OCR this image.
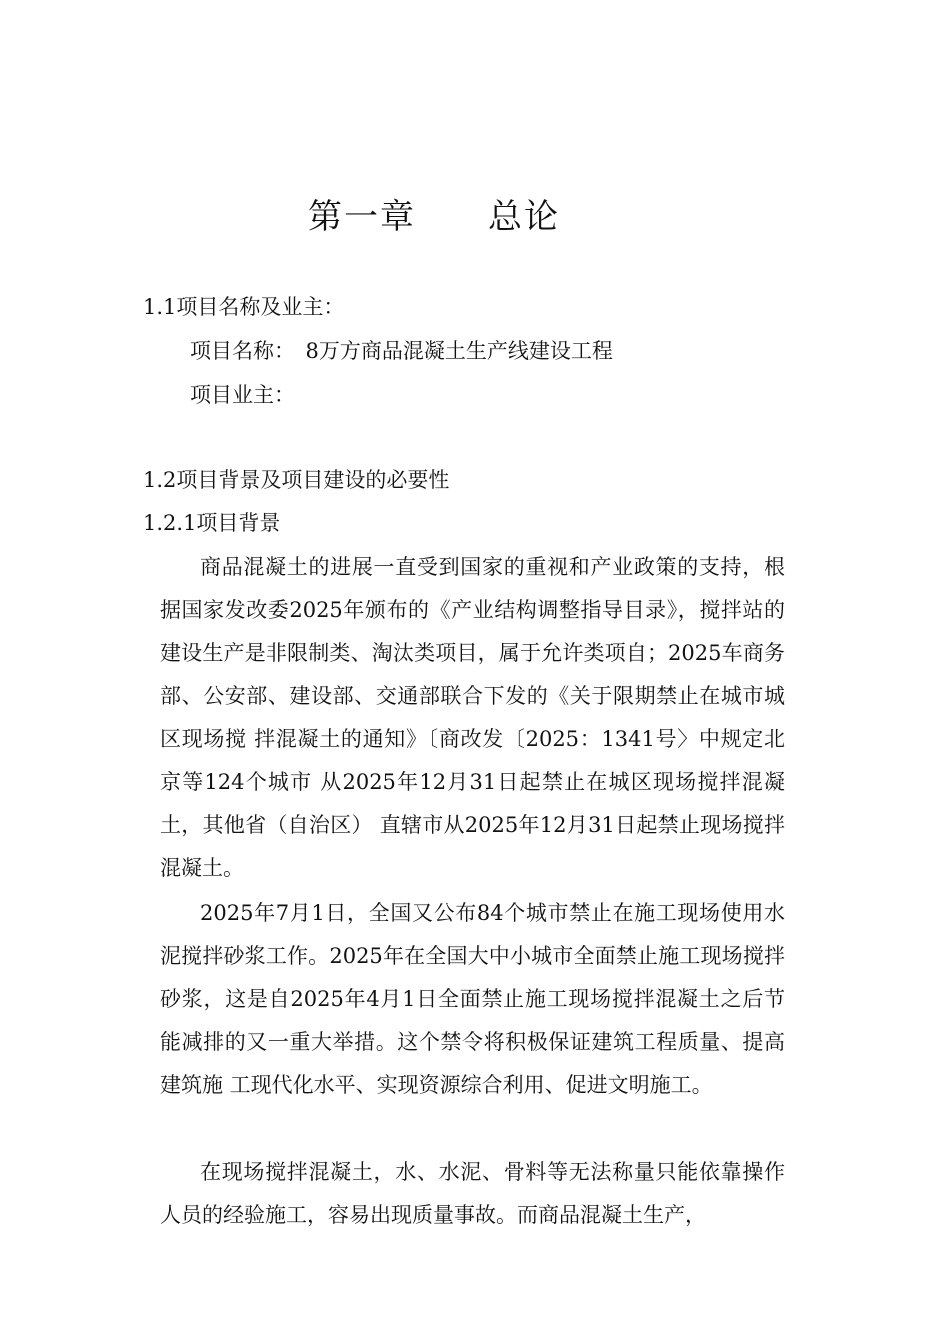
第一章　　总论
1.1项目名称及业主：
项目名称：　8万方商品混凝土生产线建设工程
项目业主：
1.2项目背景及项目建设的必要性
1.2.1项目背景
商品混凝土的进展一直受到国家的重视和产业政策的支持，根据国家发改委2025年颁布的《产业结构调整指导目录》，搅拌站的建设生产是非限制类、淘汰类项目，属于允许类项自；2025车商务部、公安部、建设部、交通部联合下发的《关于限期禁止在城市城区现场搅 拌混凝土的通知》〔商改发〔2025：1341号〉中规定北京等124个城市 从2025年12月31日起禁止在城区现场搅拌混凝土，其他省（自治区） 直辖市从2025年12月31日起禁止现场搅拌混凝土。
2025年7月1日，全国又公布84个城市禁止在施工现场使用水泥搅拌砂浆工作。2025年在全国大中小城市全面禁止施工现场搅拌砂浆，这是自2025年4月1日全面禁止施工现场搅拌混凝土之后节能减排的又一重大举措。这个禁令将积极保证建筑工程质量、提高建筑施 工现代化水平、实现资源综合利用、促进文明施工。
在现场搅拌混凝土，水、水泥、骨料等无法称量只能依靠操作人员的经验施工，容易出现质量事故。而商品混凝土生产，
